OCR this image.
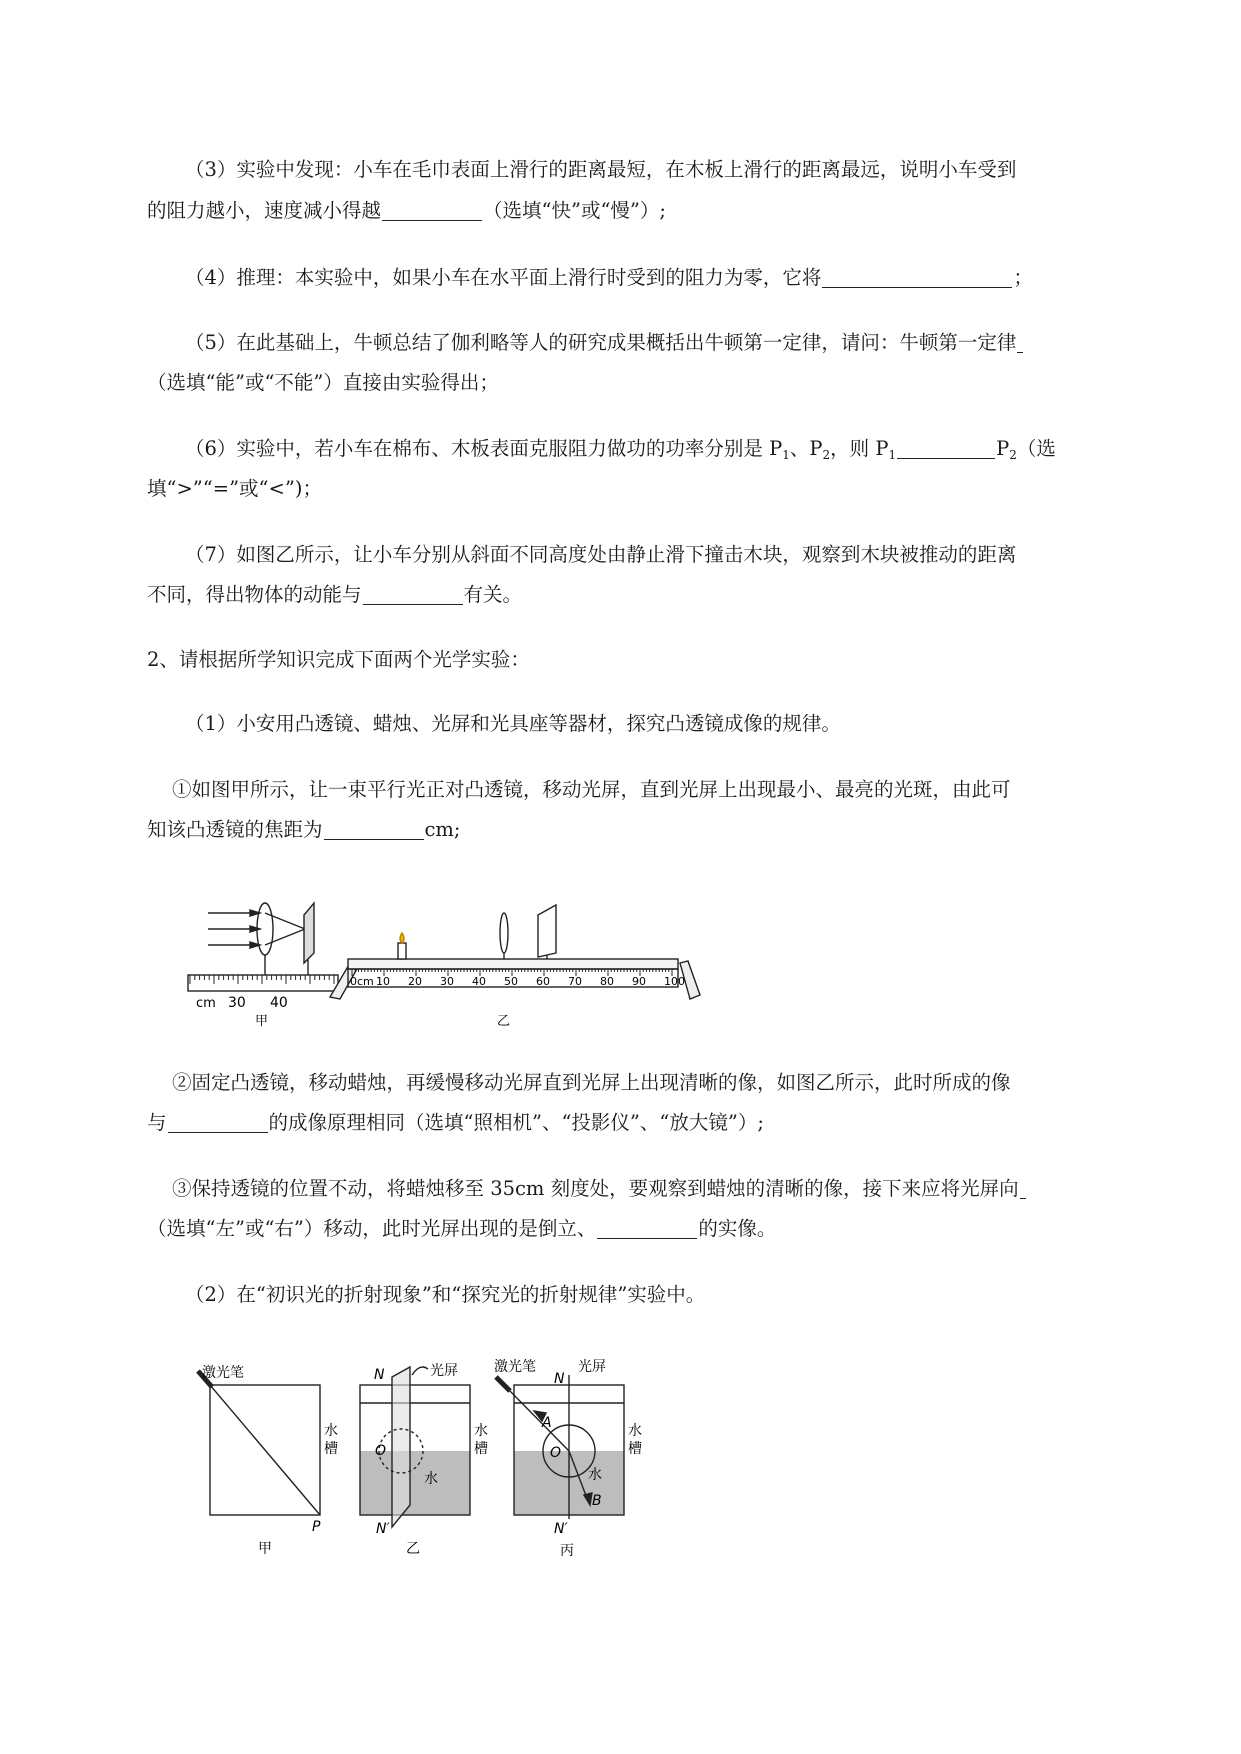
（3）实验中发现：小车在毛巾表面上滑行的距离最短，在木板上滑行的距离最远，说明小车受到
的阻力越小，速度减小得越	（选填“快”或“慢”）;
（4）推理：本实验中，如果小车在水平面上滑行时受到的阻力为零，它将	；
（5）在此基础上，牛顿总结了伽利略等人的研究成果概括出牛顿第一定律，请问：牛顿第一定律
（选填“能”或“不能”）直接由实验得出；
（6）实验中，若小车在棉布、木板表面克服阻力做功的功率分别是 $P_1$、$P_2$，则 $P_1$	$P_2$（选
填“>”“=”或“<”)；
（7）如图乙所示，让小车分别从斜面不同高度处由静止滑下撞击木块，观察到木块被推动的距离
不同，得出物体的动能与	有关。
2、请根据所学知识完成下面两个光学实验：
（1）小安用凸透镜、蜡烛、光屏和光具座等器材，探究凸透镜成像的规律。
①如图甲所示，让一束平行光正对凸透镜，移动光屏，直到光屏上出现最小、最亮的光斑，由此可
知该凸透镜的焦距为	cm;
cm 30 40
甲
0cm 10 20 30 40 50 60 70 80 90 100
乙
②固定凸透镜，移动蜡烛，再缓慢移动光屏直到光屏上出现清晰的像，如图乙所示，此时所成的像
与	的成像原理相同（选填“照相机”、“投影仪”、“放大镜”）;
③保持透镜的位置不动，将蜡烛移至 35cm 刻度处，要观察到蜡烛的清晰的像，接下来应将光屏向
（选填“左”或“右”）移动，此时光屏出现的是倒立、	的实像。
（2）在“初识光的折射现象”和“探究光的折射规律”实验中。
激光笔
水
槽
P
甲
N	光屏
O
水
水
槽
N′
乙
激光笔
N
光屏
A
O
水
B
水
槽
N′
丙
